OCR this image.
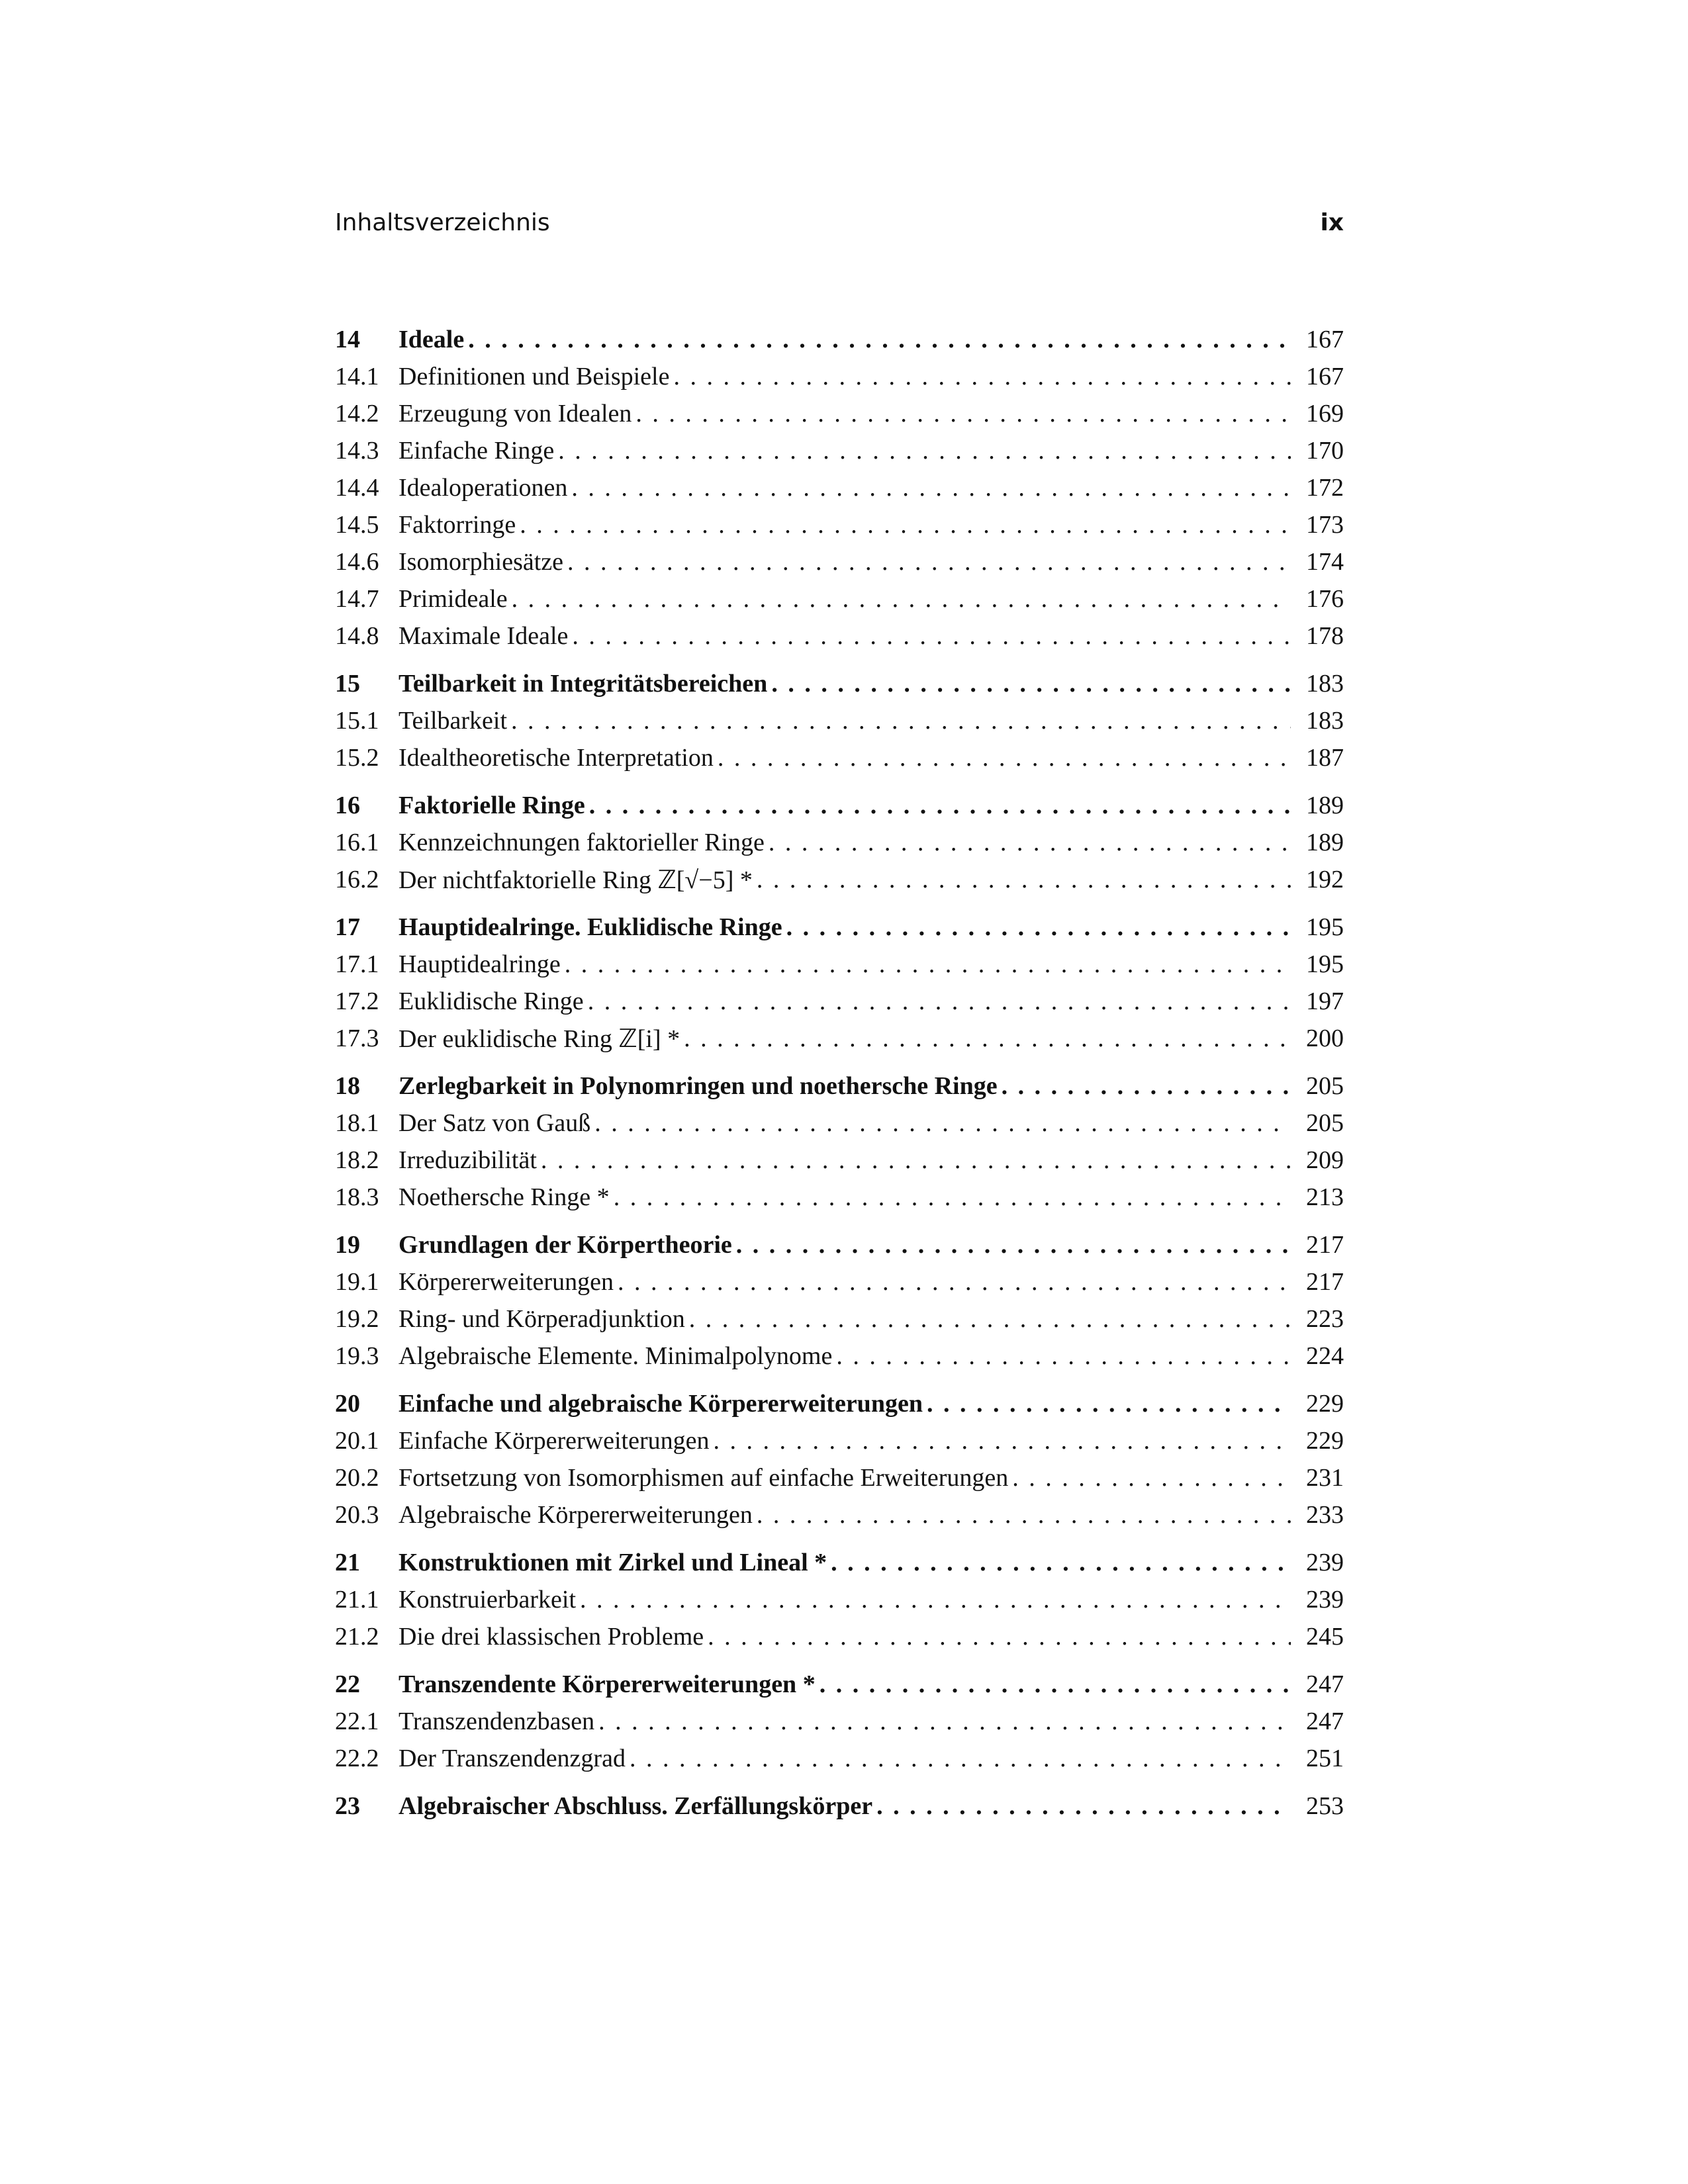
Inhaltsverzeichnis	ix
14	Ideale . . .	167
14.1 Definitionen und Beispiele . . .	167
14.2 Erzeugung von Idealen . . .	169
14.3 Einfache Ringe . . .	170
14.4 Idealoperationen . . .	172
14.5 Faktorringe . . .	173
14.6 Isomorphiesätze . . .	174
14.7 Primideale . . .	176
14.8 Maximale Ideale . . .	178
15	Teilbarkeit in Integritätsbereichen . . .	183
15.1 Teilbarkeit . . .	183
15.2 Idealtheoretische Interpretation . . .	187
16	Faktorielle Ringe . . .	189
16.1 Kennzeichnungen faktorieller Ringe . . .	189
16.2 Der nichtfaktorielle Ring ℤ[√−5] * . . .	192
17	Hauptidealringe. Euklidische Ringe . . .	195
17.1 Hauptidealringe . . .	195
17.2 Euklidische Ringe . . .	197
17.3 Der euklidische Ring ℤ[i] * . . .	200
18	Zerlegbarkeit in Polynomringen und noethersche Ringe . . .	205
18.1 Der Satz von Gauß . . .	205
18.2 Irreduzibilität . . .	209
18.3 Noethersche Ringe * . . .	213
19	Grundlagen der Körpertheorie . . .	217
19.1 Körpererweiterungen . . .	217
19.2 Ring- und Körperadjunktion . . .	223
19.3 Algebraische Elemente. Minimalpolynome . . .	224
20	Einfache und algebraische Körpererweiterungen . . .	229
20.1 Einfache Körpererweiterungen . . .	229
20.2 Fortsetzung von Isomorphismen auf einfache Erweiterungen . . .	231
20.3 Algebraische Körpererweiterungen . . .	233
21	Konstruktionen mit Zirkel und Lineal * . . .	239
21.1 Konstruierbarkeit . . .	239
21.2 Die drei klassischen Probleme . . .	245
22	Transzendente Körpererweiterungen * . . .	247
22.1 Transzendenzbasen . . .	247
22.2 Der Transzendenzgrad . . .	251
23	Algebraischer Abschluss. Zerfällungskörper . . .	253
